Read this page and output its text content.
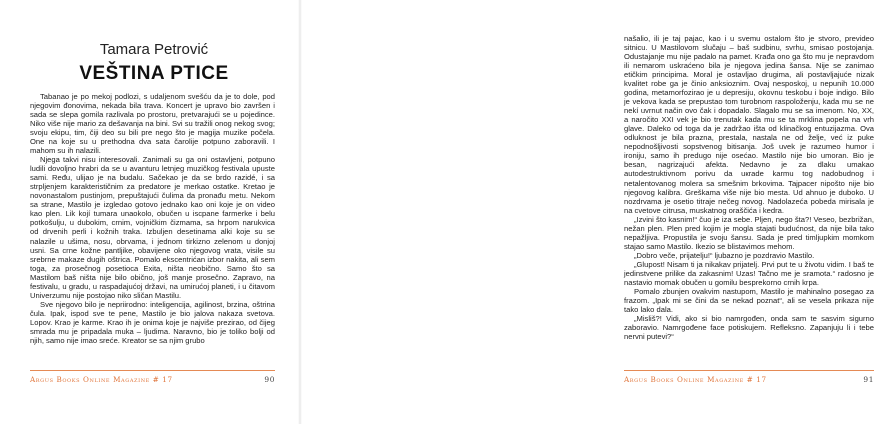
Tamara Petrović
VEŠTINA PTICE

Tabanao je po mekoj podlozi, s udaljenom svešću da je to dole, pod njegovim đonovima, nekada bila trava. Koncert je upravo bio završen i sada se slepa gomila razlivala po prostoru, pretvarajući se u pojedince. Niko više nije mario za dešavanja na bini. Svi su tražili onog nekog svog; svoju ekipu, tim, čiji deo su bili pre nego što je magija muzike počela. One na koje su u prethodna dva sata čarolije potpuno zaboravili. I mahom su ih nalazili.

Njega takvi nisu interesovali. Zanimali su ga oni ostavljeni, potpuno ludili dovoljno hrabri da se u avanturu letnjeg muzičkog festivala upuste sami. Ređu, ulijao je na budalu. Sačekao je da se brdo razidé, i sa strpljenjem karakterističnim za predatore je merkao ostatke. Kretao je novonastalom pustinjom, prepuštajući čulima da pronađu metu. Nekom sa strane, Mastilo je izgledao gotovo jednako kao oni koje je on video kao plen. Lik kojí tumara unaokolo, obučen u iscpane farmerke i belu potkošulju, u dubokim, crnim, vojničkim čizmama, sa hrpom narukvica od drvenih perli i kožnih traka. Izbuljen desetinama alki koje su se nalazile u ušima, nosu, obrvama, i jednom tirkizno zelenom u donjoj usni. Sa crne kožne pantljike, obavijene oko njegovog vrata, visile su srebrne makaze dugih oštrica. Pomalo ekscentrićan izbor nakita, ali sem toga, za prosečnog posetioca Exita, ništa neobično. Samo što sa Mastilom baš ništa nije bilo obično, još manje prosečno. Zapravo, na festivalu, u gradu, u raspadajućoj državi, na umirućoj planeti, i u čitavom Univerzumu nije postojao niko sličan Mastilu.

Sve njegovo bilo je nepriirodno: inteligencija, agilinost, brzina, oštrina čula. Ipak, ispod sve te pene, Mastilo je bio jalova nakaza svetova. Lopov. Krao je karme. Krao ih je onima koje je najviše prezirao, od čijeg smrada mu je pripadala muka – ljudima. Naravno, bio je toliko bolji od njih, samo nije imao sreće. Kreator se sa njim grubo

Argus Books Online Magazine # 17	90

našalio, ili je taj pajac, kao i u svemu ostalom što je stvoro, previdеo sitnicu. U Mastilovom slučaju – baš sudbinu, svrhu, smisao postojanja. Odustajanje mu nije padalo na pamet. Krađa ono ga što mu je nepravdom ili nemarom uskraćeno bila je njegova jedina šansa. Nije se zanimao etičkim principima. Moral je ostavljao drugima, ali postavljajuće nizak kvalitet robe ga je činio anksioznim. Ovaj nesposkoj, u nepunih 10.000 godina, metamorfozirao je u depresiju, okovnu teskobu i bojе indigo. Bilo je vekova kada se prepustao tom turobnom raspoloženju, kada mu se ne nekí uvrnut način ovo čak i dopadalo. Slagalo mu se sa imenom. No, XX, a naročito XXI vek je bio trenutak kada mu se ta mrklina popela na vrh glave. Daleko od toga da je zadržao išta od klinačkog entuzijazma. Ova odluknost je bila prazna, prestala, nastala ne od želje, već iz puke nepodnošljivosti sopstvenog bitisanja. Još uvek je razumeo humor i ironiju, samo ih predugo nije osećao. Mastilo nije bio umoran. Bio je besan, nagrizajući afekta. Nedavno je za dlaku umakao autodestruktivnom porivu da uкrade karmu tog nadobudnog i netalentovanog molera sa smešnim brkovima. Tajpacer nipošto nije bio njegovog kalibra. Greškama više nije bio mesta. Ud ahnuo je duboko. U nozdrvama je osetio titraje nečeg novog. Nadolazeća pobeda mirisala je na cvetove citrusa, muskatnog oraščića i kedra.

„Izvini što kasnim!“ čuo je iza sebe. Pljen, nego šta?! Veseo, bezbrižan, nežan plen. Plen pred kojim je mogla stajati budućnost, da nije bila tako nepažljiva. Propustila je svoju šansu. Sada je pred timljupkim momkom stajao samo Mastilo. Ikezio se blistavimos mehom.

„Dobro veče, prijatelju!“ ljubazno je pozdravio Mastilo.

„Glupost! Nisam ti ja nikakav prijatelj. Prvi put te u životu vidim. I baš te jedinstvene prilike da zakasnim! Uzas! Tačno me je sramota.“ radosno je nastavio momak obučen u gomilu besprekorno crnih krpa.

Pomalo zbunjen ovakvim nastupom, Mastilo je mahinalno posegao za frazom. „Ipak mi se čini da se nekad poznat“, ali se vesela prikaza nije tako lako dala.

„Misliš?! Vidi, ako si bio namrgođen, onda sam te sasvim sigurno zaboravio. Namrgođene face potiskujem. Refleksno. Zapanjuju li i tebe nervni putevi?“

Argus Books Online Magazine # 17	91
